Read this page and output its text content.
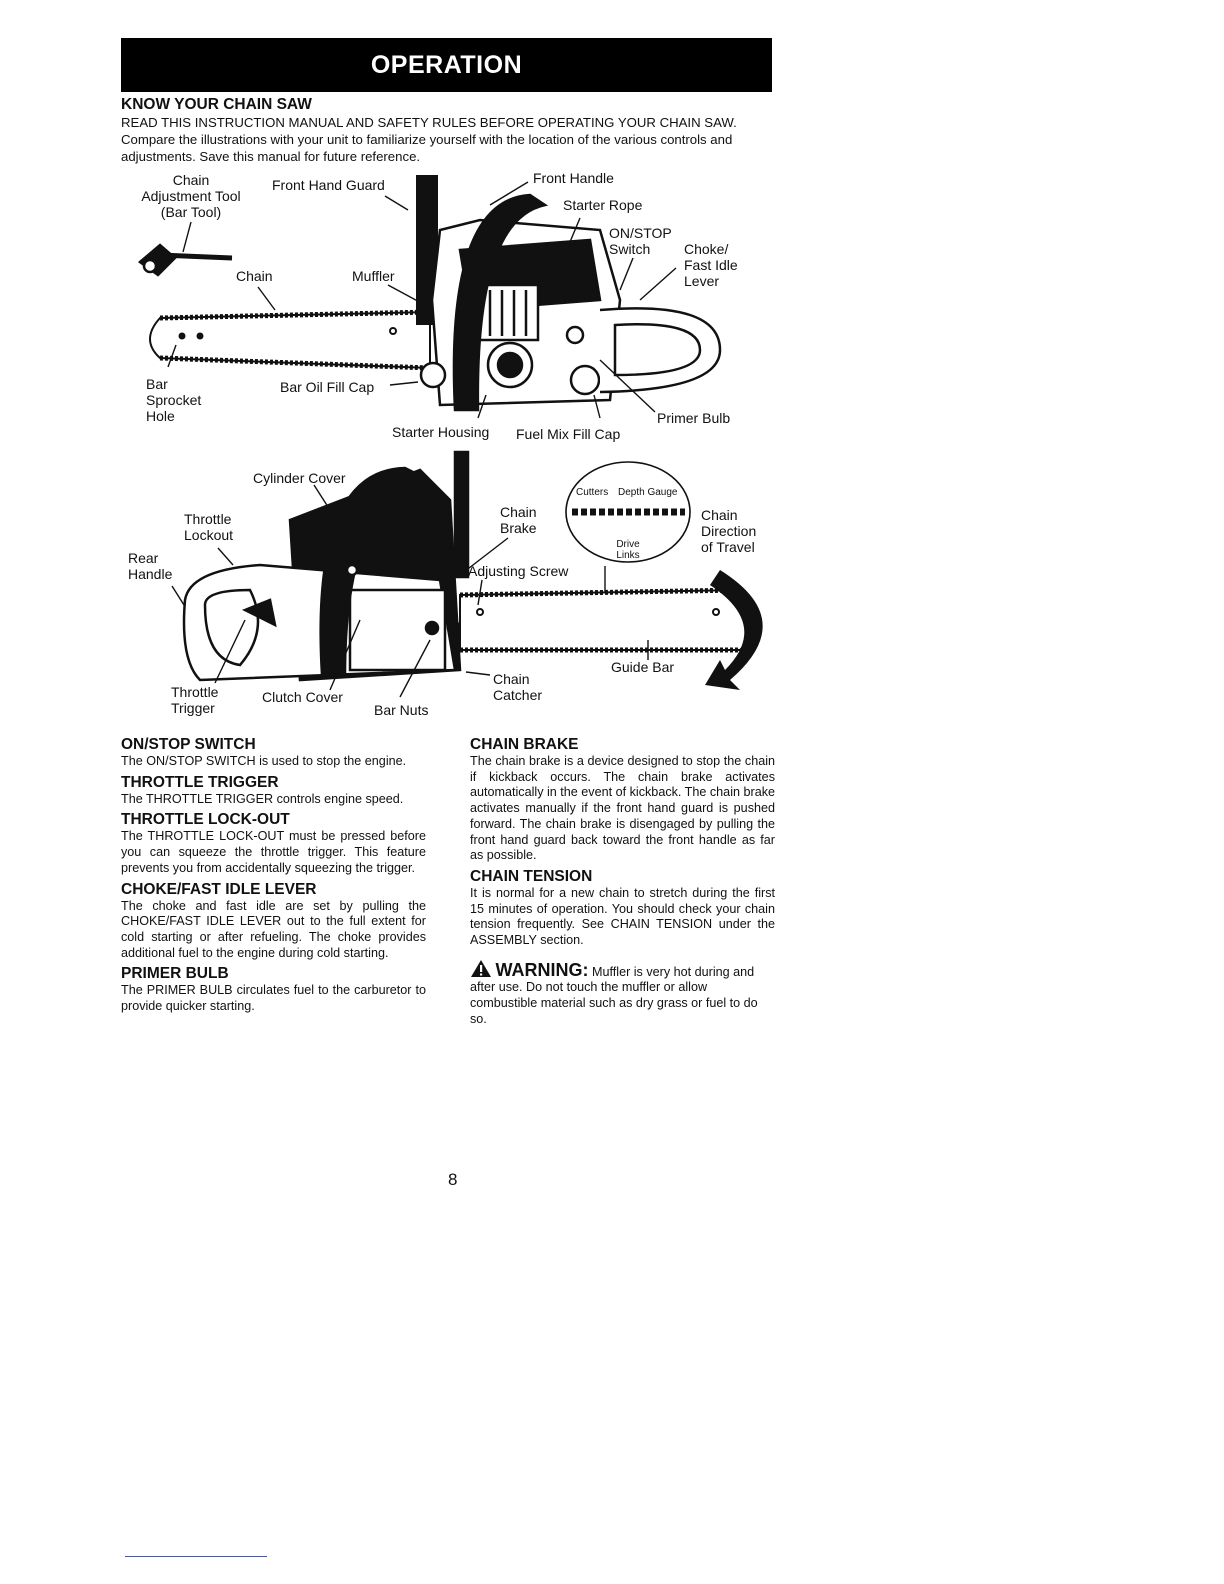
OPERATION
KNOW YOUR CHAIN SAW

READ THIS INSTRUCTION MANUAL AND SAFETY RULES BEFORE OPERATING YOUR CHAIN SAW. Compare the illustrations with your unit to familiarize yourself with the location of the various controls and adjustments. Save this manual for future reference.

Chain
Adjustment Tool
(Bar Tool)
Front Hand Guard	Front Handle
Starter Rope
ON/STOP
Switch	Choke/
Fast Idle
Lever
Chain	Muffler
Bar
Sprocket
Hole
Bar Oil Fill Cap
Starter Housing Fuel Mix Fill Cap
Primer Bulb
Cylinder Cover
Throttle
Lockout
Rear
Handle
Chain
Brake
Cutters Depth Gauge
Drive
Links
Chain
Direction
of Travel
Adjusting Screw
Guide Bar
Chain
Catcher
Throttle
Trigger
Clutch Cover
Bar Nuts
ON/STOP SWITCH

The ON/STOP SWITCH is used to stop the engine.

THROTTLE TRIGGER

The THROTTLE TRIGGER controls engine speed.

THROTTLE LOCK-OUT

The THROTTLE LOCK-OUT must be pressed before you can squeeze the throttle trigger. This feature prevents you from accidentally squeezing the trigger.

CHOKE/FAST IDLE LEVER

The choke and fast idle are set by pulling the CHOKE/FAST IDLE LEVER out to the full extent for cold starting or after refueling. The choke provides additional fuel to the engine during cold starting.

PRIMER BULB

The PRIMER BULB circulates fuel to the carburetor to provide quicker starting.

CHAIN BRAKE

The chain brake is a device designed to stop the chain if kickback occurs. The chain brake activates automatically in the event of kickback. The chain brake activates manually if the front hand guard is pushed forward. The chain brake is disengaged by pulling the front hand guard back toward the front handle as far as possible.

CHAIN TENSION

It is normal for a new chain to stretch during the first 15 minutes of operation. You should check your chain tension frequently. See CHAIN TENSION under the ASSEMBLY section.

WARNING: Muffler is very hot during and after use. Do not touch the muffler or allow combustible material such as dry grass or fuel to do so.

8
